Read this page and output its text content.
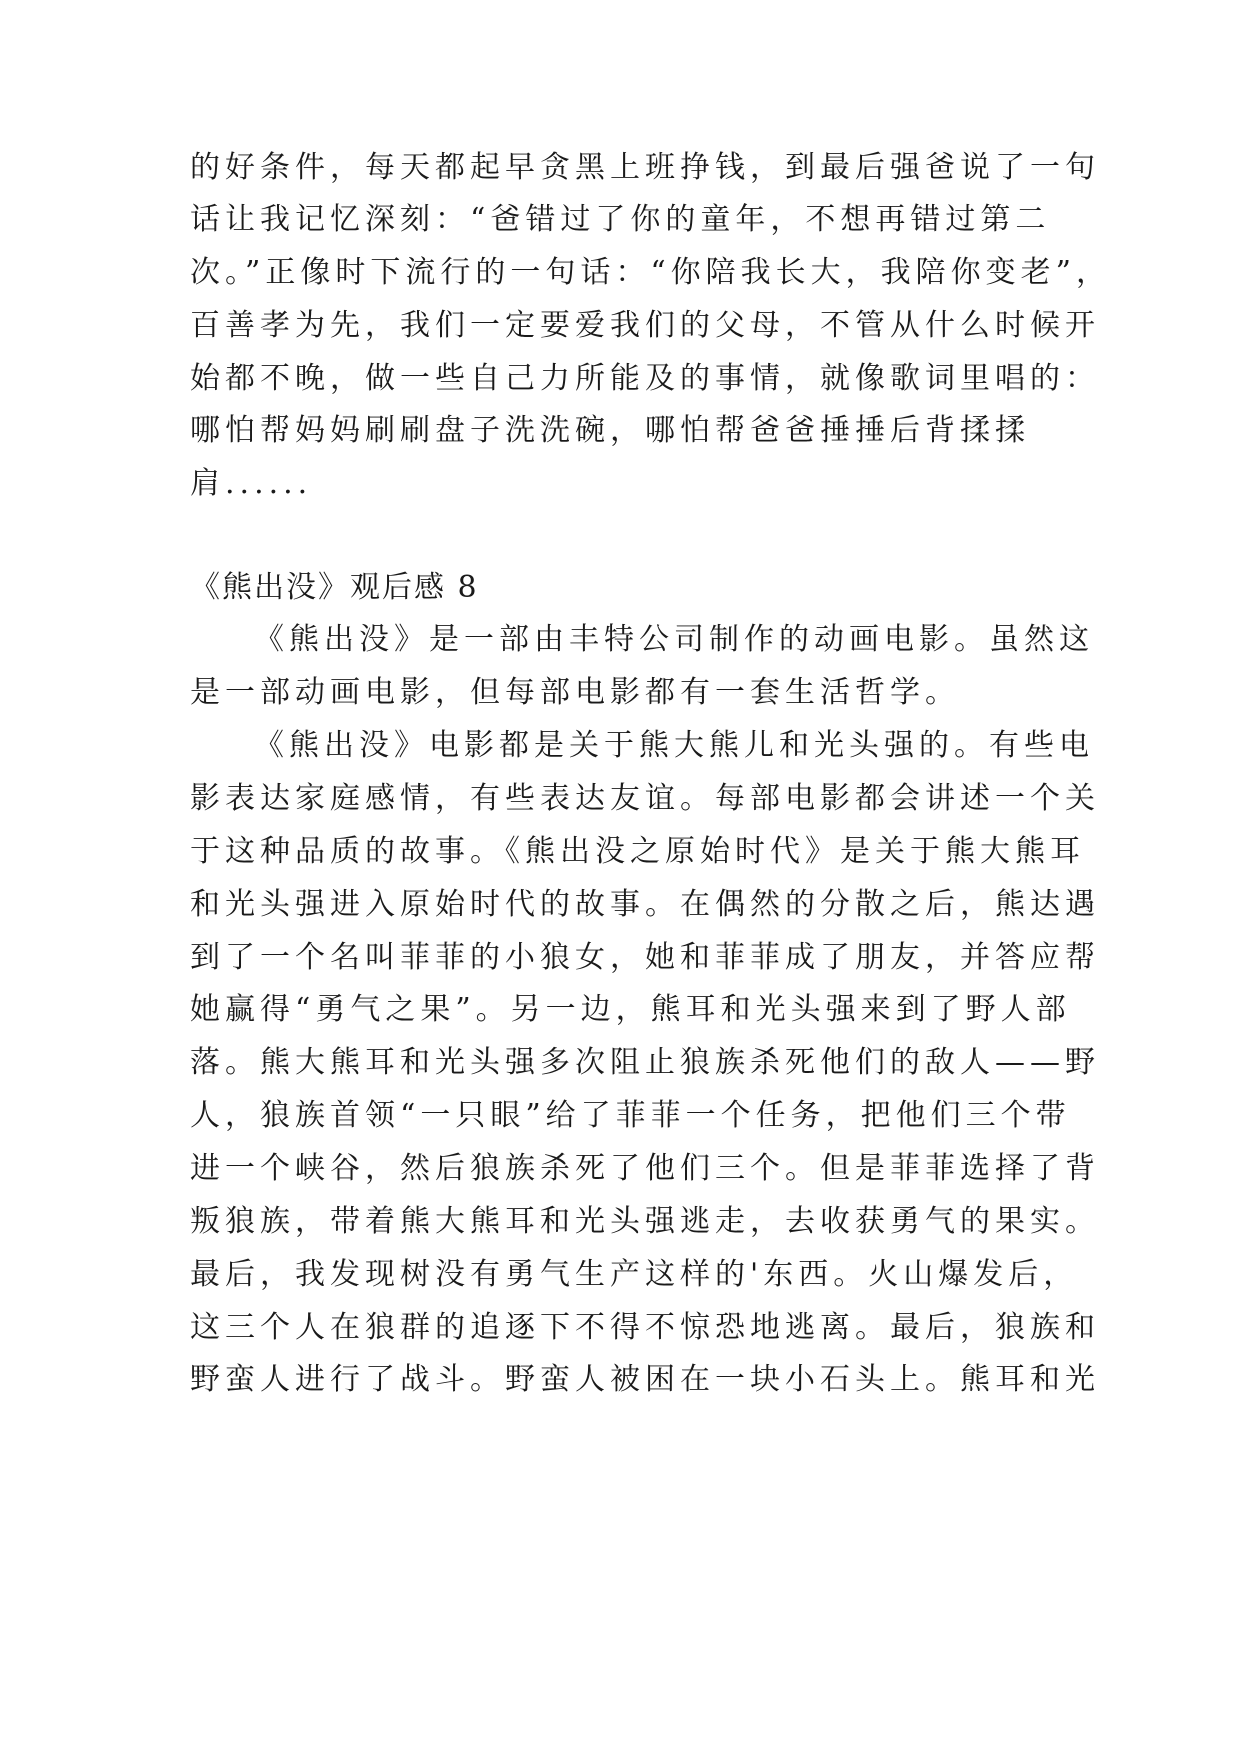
的好条件，每天都起早贪黑上班挣钱，到最后强爸说了一句

话让我记忆深刻：“爸错过了你的童年，不想再错过第二

次。”正像时下流行的一句话：“你陪我长大，我陪你变老”，

百善孝为先，我们一定要爱我们的父母，不管从什么时候开

始都不晚，做一些自己力所能及的事情，就像歌词里唱的：

哪怕帮妈妈刷刷盘子洗洗碗，哪怕帮爸爸捶捶后背揉揉

肩......

《熊出没》观后感 8

《熊出没》是一部由丰特公司制作的动画电影。虽然这

是一部动画电影，但每部电影都有一套生活哲学。

《熊出没》电影都是关于熊大熊儿和光头强的。有些电

影表达家庭感情，有些表达友谊。每部电影都会讲述一个关

于这种品质的故事。《熊出没之原始时代》是关于熊大熊耳

和光头强进入原始时代的故事。在偶然的分散之后，熊达遇

到了一个名叫菲菲的小狼女，她和菲菲成了朋友，并答应帮

她赢得“勇气之果”。另一边，熊耳和光头强来到了野人部

落。熊大熊耳和光头强多次阻止狼族杀死他们的敌人——野

人，狼族首领“一只眼”给了菲菲一个任务，把他们三个带

进一个峡谷，然后狼族杀死了他们三个。但是菲菲选择了背

叛狼族，带着熊大熊耳和光头强逃走，去收获勇气的果实。

最后，我发现树没有勇气生产这样的'东西。火山爆发后，

这三个人在狼群的追逐下不得不惊恐地逃离。最后，狼族和

野蛮人进行了战斗。野蛮人被困在一块小石头上。熊耳和光
